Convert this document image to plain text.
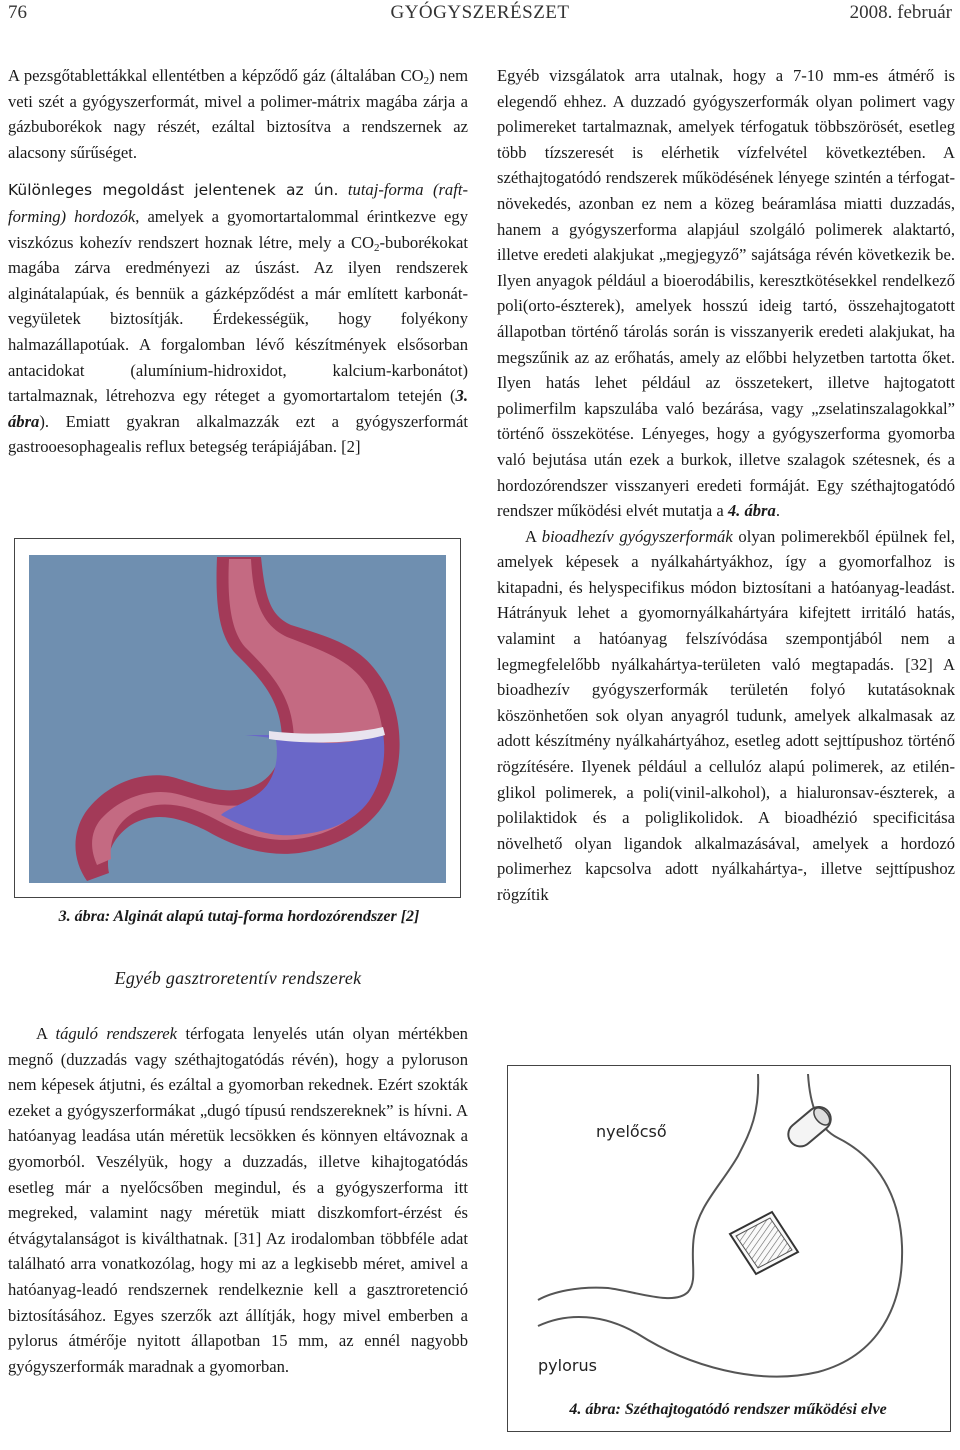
76	GYÓGYSZERÉSZET	2008. február

A pezsgőtablettákkal ellentétben a képződő gáz (általában $CO_2$) nem veti szét a gyógyszerformát, mivel a polimer-mátrix magába zárja a gázbuborékok nagy részét, ezáltal biztosítva a rendszernek az alacsony sűrűséget.

Különleges megoldást jelentenek az ún. tutaj-forma (raft-forming) hordozók, amelyek a gyomortartalommal érintkezve egy viszkózus kohezív rendszert hoznak létre, mely a $CO_2$-buborékokat magába zárva eredményezi az úszást. Az ilyen rendszerek alginátalapúak, és bennük a gázképződést a már említett karbonát-vegyületek biztosítják. Érdekességük, hogy folyékony halmazállapotúak. A forgalomban lévő készítmények elsősorban antacidokat (alumínium-hidroxidot, kalcium-karbonátot) tartalmaznak, létrehozva egy réteget a gyomortartalom tetején (3. ábra). Emiatt gyakran alkalmazzák ezt a gyógyszerformát gastrooesophagealis reflux betegség terápiájában. [2]

3. ábra: Alginát alapú tutaj-forma hordozórendszer [2]
Egyéb gasztroretentív rendszerek

A táguló rendszerek térfogata lenyelés után olyan mértékben megnő (duzzadás vagy széthajtogatódás révén), hogy a pyloruson nem képesek átjutni, és ezáltal a gyomorban rekednek. Ezért szokták ezeket a gyógyszerformákat „dugó típusú rendszereknek” is hívni. A hatóanyag leadása után méretük lecsökken és könnyen eltávoznak a gyomorból. Veszélyük, hogy a duzzadás, illetve kihajtogatódás esetleg már a nyelőcsőben megindul, és a gyógyszerforma itt megreked, valamint nagy méretük miatt diszkomfort-érzést és étvágytalanságot is kiválthatnak. [31] Az irodalomban többféle adat található arra vonatkozólag, hogy mi az a legkisebb méret, amivel a hatóanyag-leadó rendszernek rendelkeznie kell a gasztroretenció biztosításához. Egyes szerzők azt állítják, hogy mivel emberben a pylorus átmérője nyitott állapotban 15 mm, az ennél nagyobb gyógyszerformák maradnak a gyomorban.

Egyéb vizsgálatok arra utalnak, hogy a 7-10 mm-es átmérő is elegendő ehhez. A duzzadó gyógyszerformák olyan polimert vagy polimereket tartalmaznak, amelyek térfogatuk többszörösét, esetleg több tízszeresét is elérhetik vízfelvétel következtében. A széthajtogatódó rendszerek működésének lényege szintén a térfogat-növekedés, azonban ez nem a közeg beáramlása miatti duzzadás, hanem a gyógyszerforma alapjául szolgáló polimerek alaktartó, illetve eredeti alakjukat „megjegyző” sajátsága révén következik be. Ilyen anyagok például a bioerodábilis, keresztkötésekkel rendelkező poli(orto-észterek), amelyek hosszú ideig tartó, összehajtogatott állapotban történő tárolás során is visszanyerik eredeti alakjukat, ha megszűnik az az erőhatás, amely az előbbi helyzetben tartotta őket. Ilyen hatás lehet például az összetekert, illetve hajtogatott polimerfilm kapszulába való bezárása, vagy „zselatinszalagokkal” történő összekötése. Lényeges, hogy a gyógyszerforma gyomorba való bejutása után ezek a burkok, illetve szalagok szétesnek, és a hordozórendszer visszanyeri eredeti formáját. Egy széthajtogatódó rendszer működési elvét mutatja a 4. ábra.

A bioadhezív gyógyszerformák olyan polimerekből épülnek fel, amelyek képesek a nyálkahártyákhoz, így a gyomorfalhoz is kitapadni, és helyspecifikus módon biztosítani a hatóanyag-leadást. Hátrányuk lehet a gyomornyálkahártyára kifejtett irritáló hatás, valamint a hatóanyag felszívódása szempontjából nem a legmegfelelőbb nyálkahártya-területen való megtapadás. [32] A bioadhezív gyógyszerformák területén folyó kutatásoknak köszönhetően sok olyan anyagról tudunk, amelyek alkalmasak az adott készítmény nyálkahártyához, esetleg adott sejttípushoz történő rögzítésére. Ilyenek például a cellulóz alapú polimerek, az etilén-glikol polimerek, a poli(vinil-alkohol), a hialuronsav-észterek, a polilaktidok és a poliglikolidok. A bioadhézió specificitása növelhető olyan ligandok alkalmazásával, amelyek a hordozó polimerhez kapcsolva adott nyálkahártya-, illetve sejttípushoz rögzítik

nyelőcső
pylorus
4. ábra: Széthajtogatódó rendszer működési elve
